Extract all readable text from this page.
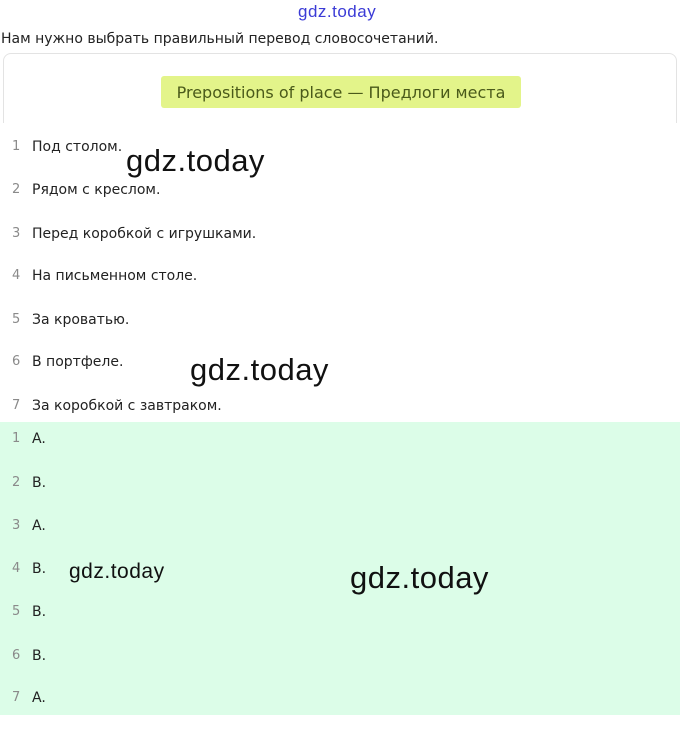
gdz.today
Нам нужно выбрать правильный перевод словосочетаний.
Prepositions of place — Предлоги места
1 Под столом.
2 Рядом с креслом.
3 Перед коробкой с игрушками.
4 На письменном столе.
5 За кроватью.
6 В портфеле.
7 За коробкой с завтраком.
1 A.
2 B.
3 A.
4 B.
5 B.
6 B.
7 A.
gdz.today
gdz.today
gdz.today	gdz.today
